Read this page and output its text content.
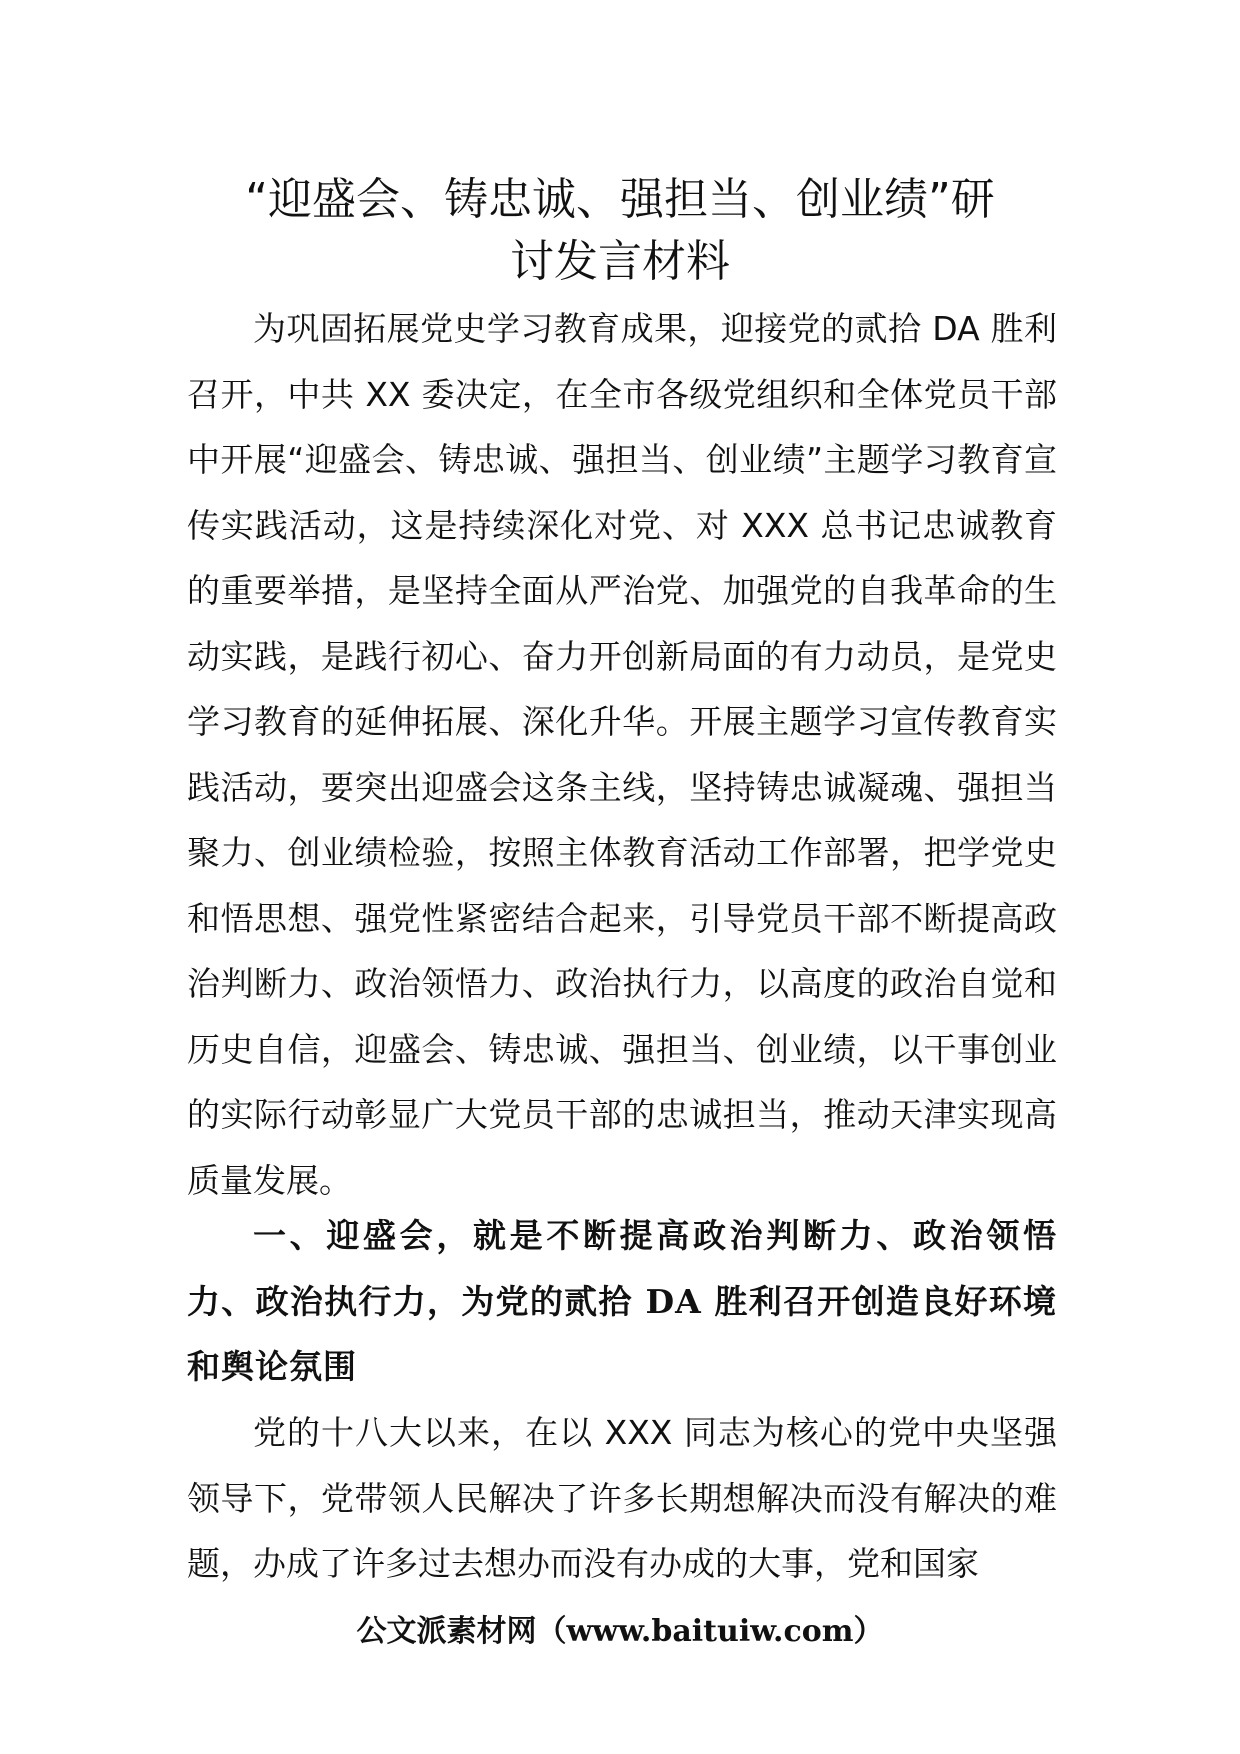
“迎盛会、铸忠诚、强担当、创业绩”研
讨发言材料

为巩固拓展党史学习教育成果，迎接党的贰拾 DA 胜利召开，中共 XX 委决定，在全市各级党组织和全体党员干部中开展“迎盛会、铸忠诚、强担当、创业绩”主题学习教育宣传实践活动，这是持续深化对党、对 XXX 总书记忠诚教育的重要举措，是坚持全面从严治党、加强党的自我革命的生动实践，是践行初心、奋力开创新局面的有力动员，是党史学习教育的延伸拓展、深化升华。开展主题学习宣传教育实践活动，要突出迎盛会这条主线，坚持铸忠诚凝魂、强担当聚力、创业绩检验，按照主体教育活动工作部署，把学党史和悟思想、强党性紧密结合起来，引导党员干部不断提高政治判断力、政治领悟力、政治执行力，以高度的政治自觉和历史自信，迎盛会、铸忠诚、强担当、创业绩，以干事创业的实际行动彰显广大党员干部的忠诚担当，推动天津实现高质量发展。

一、迎盛会，就是不断提高政治判断力、政治领悟力、政治执行力，为党的贰拾 DA 胜利召开创造良好环境和舆论氛围

党的十八大以来，在以 XXX 同志为核心的党中央坚强领导下，党带领人民解决了许多长期想解决而没有解决的难题，办成了许多过去想办而没有办成的大事，党和国家

公文派素材网（www.baituiw.com）
